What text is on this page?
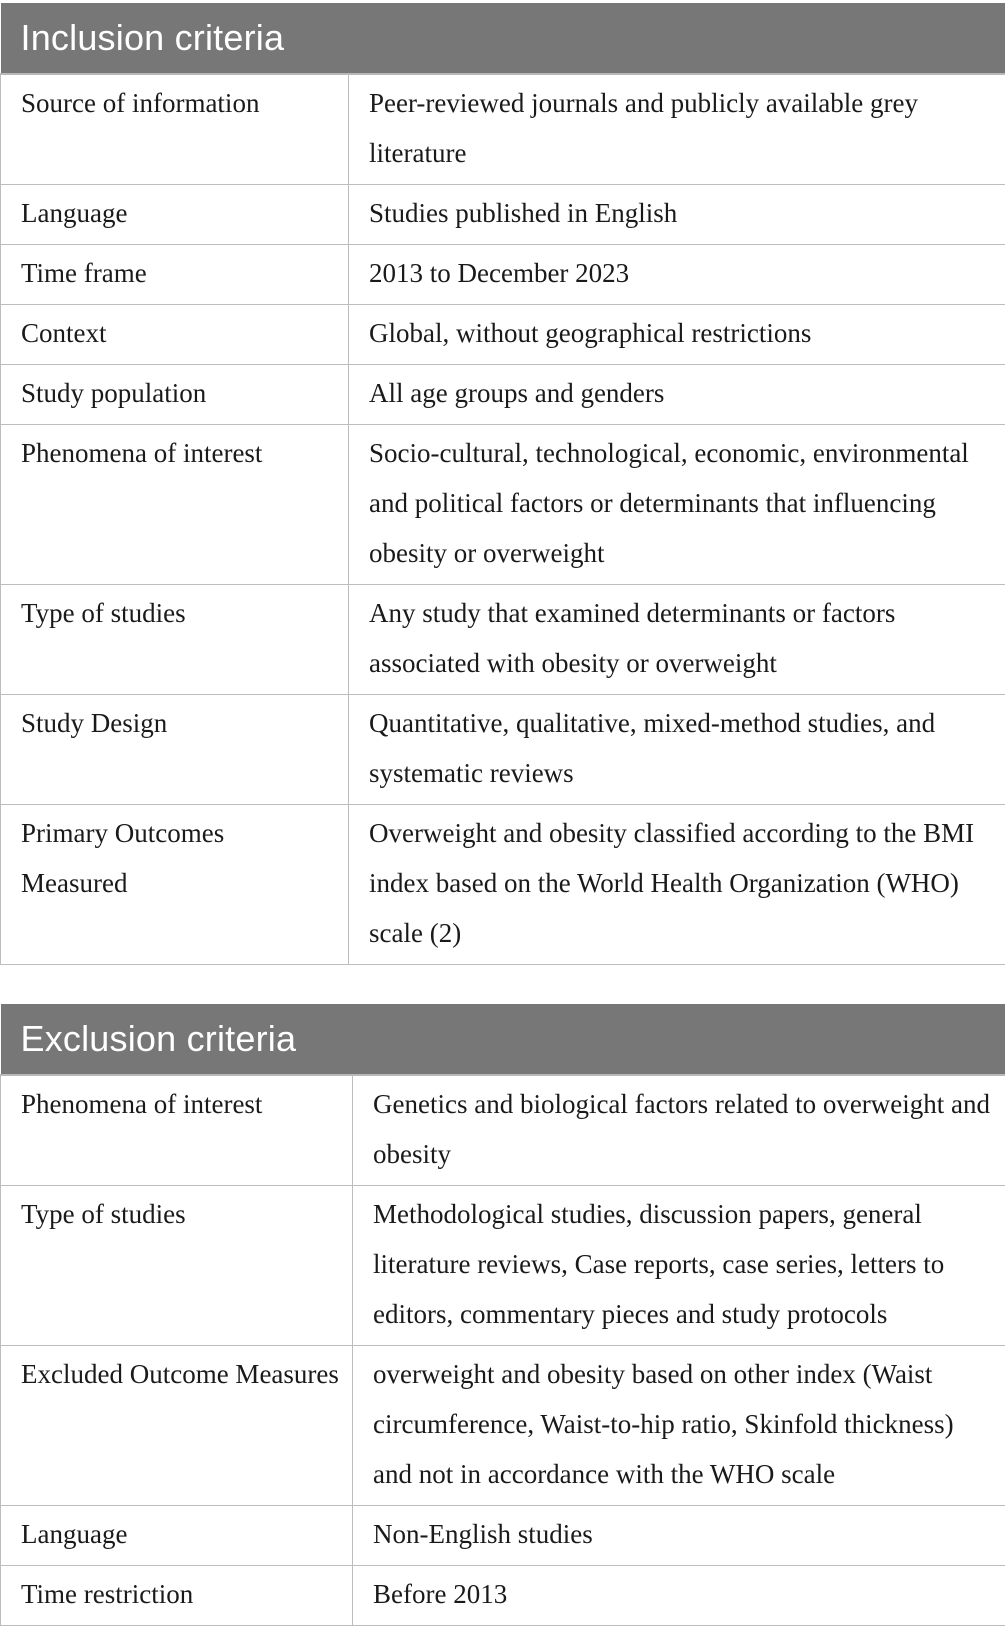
Inclusion criteria	
Source of information	Peer-reviewed journals and publicly available grey literature
Language	Studies published in English
Time frame	2013 to December 2023
Context	Global, without geographical restrictions
Study population	All age groups and genders
Phenomena of interest	Socio-cultural, technological, economic, environmental and political factors or determinants that influencing obesity or overweight
Type of studies	Any study that examined determinants or factors associated with obesity or overweight
Study Design	Quantitative, qualitative, mixed-method studies, and systematic reviews
Primary Outcomes Measured	Overweight and obesity classified according to the BMI index based on the World Health Organization (WHO) scale (2)
Exclusion criteria	
Phenomena of interest	Genetics and biological factors related to overweight and obesity
Type of studies	Methodological studies, discussion papers, general literature reviews, Case reports, case series, letters to editors, commentary pieces and study protocols
Excluded Outcome Measures	overweight and obesity based on other index (Waist circumference, Waist-to-hip ratio, Skinfold thickness) and not in accordance with the WHO scale
Language	Non-English studies
Time restriction	Before 2013
